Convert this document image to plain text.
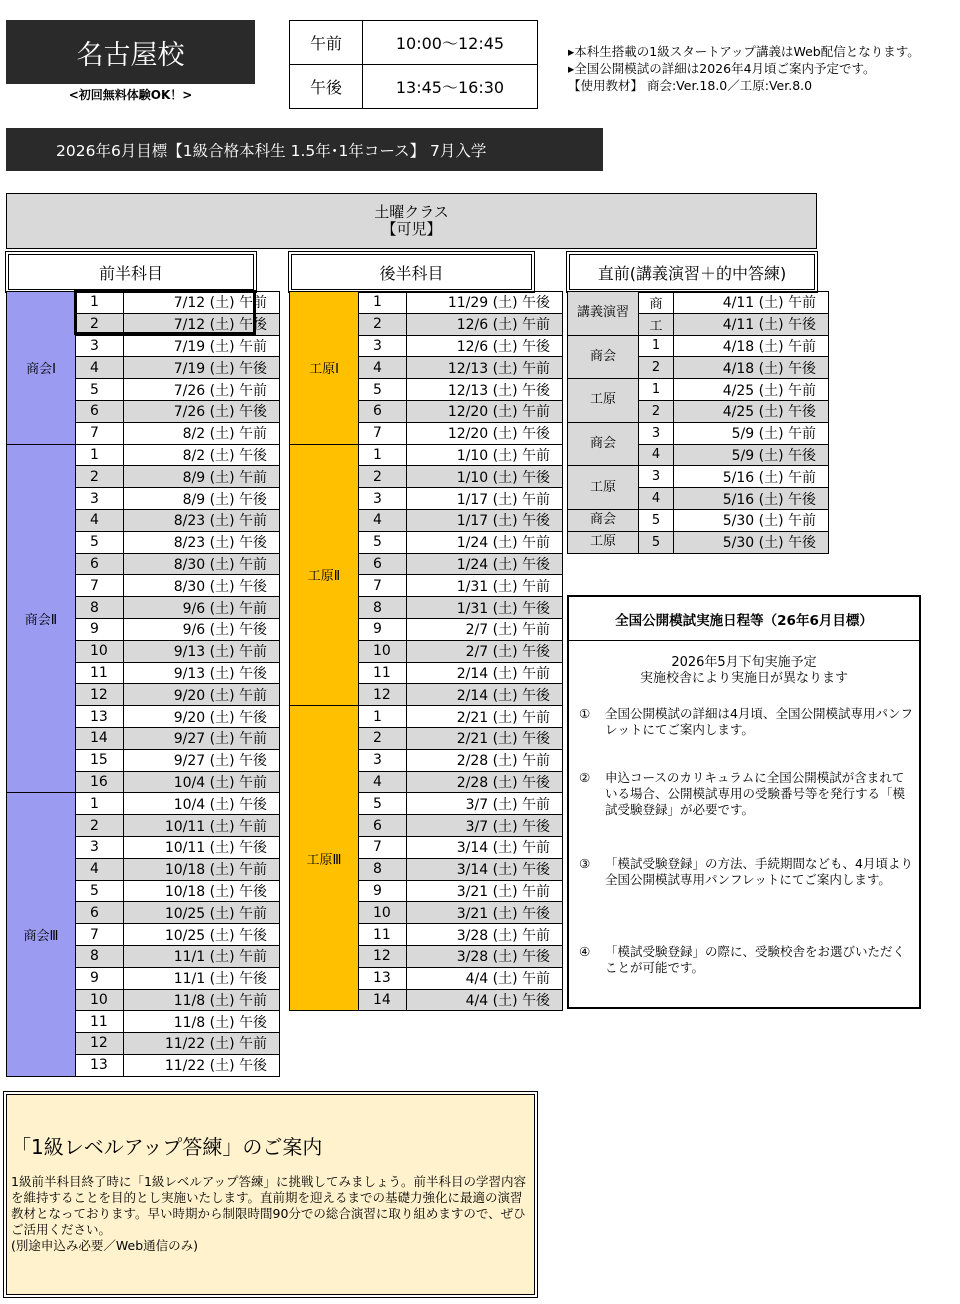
名古屋校
<初回無料体験OK！>
午前	10:00～12:45
午後	13:45～16:30
▸本科生搭載の1級スタートアップ講義はWeb配信となります。
▸全国公開模試の詳細は2026年4月頃ご案内予定です。
【使用教材】 商会:Ver.18.0／工原:Ver.8.0
2026年6月目標【1級合格本科生 1.5年･1年コース】 7月入学
土曜クラス
【可児】
前半科目	後半科目	直前(講義演習＋的中答練)
商会Ⅰ	1	7/12 (土) 午前
	2	7/12 (土) 午後
	3	7/19 (土) 午前
	4	7/19 (土) 午後
	5	7/26 (土) 午前
	6	7/26 (土) 午後
	7	8/2 (土) 午前
商会Ⅱ	1	8/2 (土) 午後
	2	8/9 (土) 午前
	3	8/9 (土) 午後
	4	8/23 (土) 午前
	5	8/23 (土) 午後
	6	8/30 (土) 午前
	7	8/30 (土) 午後
	8	9/6 (土) 午前
	9	9/6 (土) 午後
	10	9/13 (土) 午前
	11	9/13 (土) 午後
	12	9/20 (土) 午前
	13	9/20 (土) 午後
	14	9/27 (土) 午前
	15	9/27 (土) 午後
	16	10/4 (土) 午前
商会Ⅲ	1	10/4 (土) 午後
	2	10/11 (土) 午前
	3	10/11 (土) 午後
	4	10/18 (土) 午前
	5	10/18 (土) 午後
	6	10/25 (土) 午前
	7	10/25 (土) 午後
	8	11/1 (土) 午前
	9	11/1 (土) 午後
	10	11/8 (土) 午前
	11	11/8 (土) 午後
	12	11/22 (土) 午前
	13	11/22 (土) 午後
工原Ⅰ	1	11/29 (土) 午後
	2	12/6 (土) 午前
	3	12/6 (土) 午後
	4	12/13 (土) 午前
	5	12/13 (土) 午後
	6	12/20 (土) 午前
	7	12/20 (土) 午後
工原Ⅱ	1	1/10 (土) 午前
	2	1/10 (土) 午後
	3	1/17 (土) 午前
	4	1/17 (土) 午後
	5	1/24 (土) 午前
	6	1/24 (土) 午後
	7	1/31 (土) 午前
	8	1/31 (土) 午後
	9	2/7 (土) 午前
	10	2/7 (土) 午後
	11	2/14 (土) 午前
	12	2/14 (土) 午後
工原Ⅲ	1	2/21 (土) 午前
	2	2/21 (土) 午後
	3	2/28 (土) 午前
	4	2/28 (土) 午後
	5	3/7 (土) 午前
	6	3/7 (土) 午後
	7	3/14 (土) 午前
	8	3/14 (土) 午後
	9	3/21 (土) 午前
	10	3/21 (土) 午後
	11	3/28 (土) 午前
	12	3/28 (土) 午後
	13	4/4 (土) 午前
	14	4/4 (土) 午後
講義演習	商	4/11 (土) 午前
	工	4/11 (土) 午後
商会	1	4/18 (土) 午前
	2	4/18 (土) 午後
工原	1	4/25 (土) 午前
	2	4/25 (土) 午後
商会	3	5/9 (土) 午前
	4	5/9 (土) 午後
工原	3	5/16 (土) 午前
	4	5/16 (土) 午後
商会	5	5/30 (土) 午前
工原	5	5/30 (土) 午後
全国公開模試実施日程等（26年6月目標）
2026年5月下旬実施予定
実施校舎により実施日が異なります
①	全国公開模試の詳細は4月頃、全国公開模試専用パンフレットにてご案内します。
②	申込コースのカリキュラムに全国公開模試が含まれている場合、公開模試専用の受験番号等を発行する「模試受験登録」が必要です。
③	「模試受験登録」の方法、手続期間なども、4月頃より全国公開模試専用パンフレットにてご案内します。
④	「模試受験登録」の際に、受験校舎をお選びいただくことが可能です。
「1級レベルアップ答練」のご案内
1級前半科目終了時に「1級レベルアップ答練」に挑戦してみましょう。前半科目の学習内容を維持することを目的とし実施いたします。直前期を迎えるまでの基礎力強化に最適の演習教材となっております。早い時期から制限時間90分での総合演習に取り組めますので、ぜひご活用ください。
(別途申込み必要／Web通信のみ)
